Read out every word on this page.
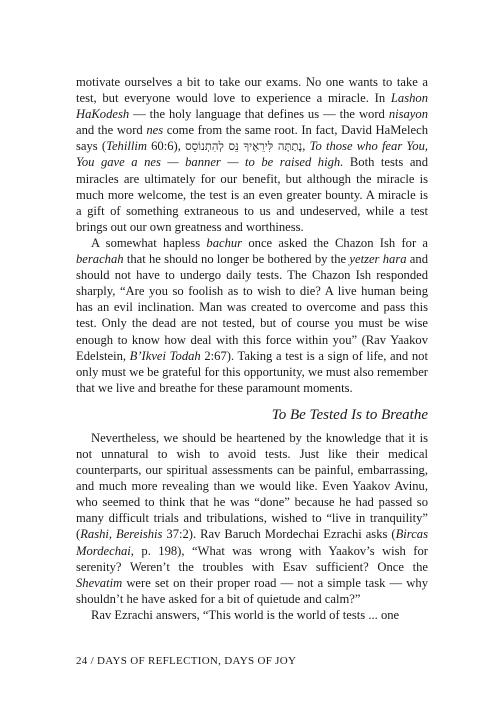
motivate ourselves a bit to take our exams. No one wants to take a test, but everyone would love to experience a miracle. In Lashon HaKodesh — the holy language that defines us — the word nisayon and the word nes come from the same root. In fact, David HaMelech says (Tehillim 60:6), נָתַתָּה לִּירֵאֶיךָ נֵּס לְהִתְנוֹסֵס, To those who fear You, You gave a nes — banner — to be raised high. Both tests and miracles are ultimately for our benefit, but although the miracle is much more welcome, the test is an even greater bounty. A miracle is a gift of something extraneous to us and undeserved, while a test brings out our own greatness and worthiness.

A somewhat hapless bachur once asked the Chazon Ish for a berachah that he should no longer be bothered by the yetzer hara and should not have to undergo daily tests. The Chazon Ish responded sharply, “Are you so foolish as to wish to die? A live human being has an evil inclination. Man was created to overcome and pass this test. Only the dead are not tested, but of course you must be wise enough to know how deal with this force within you” (Rav Yaakov Edelstein, B’Ikvei Todah 2:67). Taking a test is a sign of life, and not only must we be grateful for this opportunity, we must also remember that we live and breathe for these paramount moments.

To Be Tested Is to Breathe

Nevertheless, we should be heartened by the knowledge that it is not unnatural to wish to avoid tests. Just like their medical counterparts, our spiritual assessments can be painful, embarrassing, and much more revealing than we would like. Even Yaakov Avinu, who seemed to think that he was “done” because he had passed so many difficult trials and tribulations, wished to “live in tranquility” (Rashi, Bereishis 37:2). Rav Baruch Mordechai Ezrachi asks (Bircas Mordechai, p. 198), “What was wrong with Yaakov’s wish for serenity? Weren’t the troubles with Esav sufficient? Once the Shevatim were set on their proper road — not a simple task — why shouldn’t he have asked for a bit of quietude and calm?”

Rav Ezrachi answers, “This world is the world of tests ... one

24 / DAYS OF REFLECTION, DAYS OF JOY
